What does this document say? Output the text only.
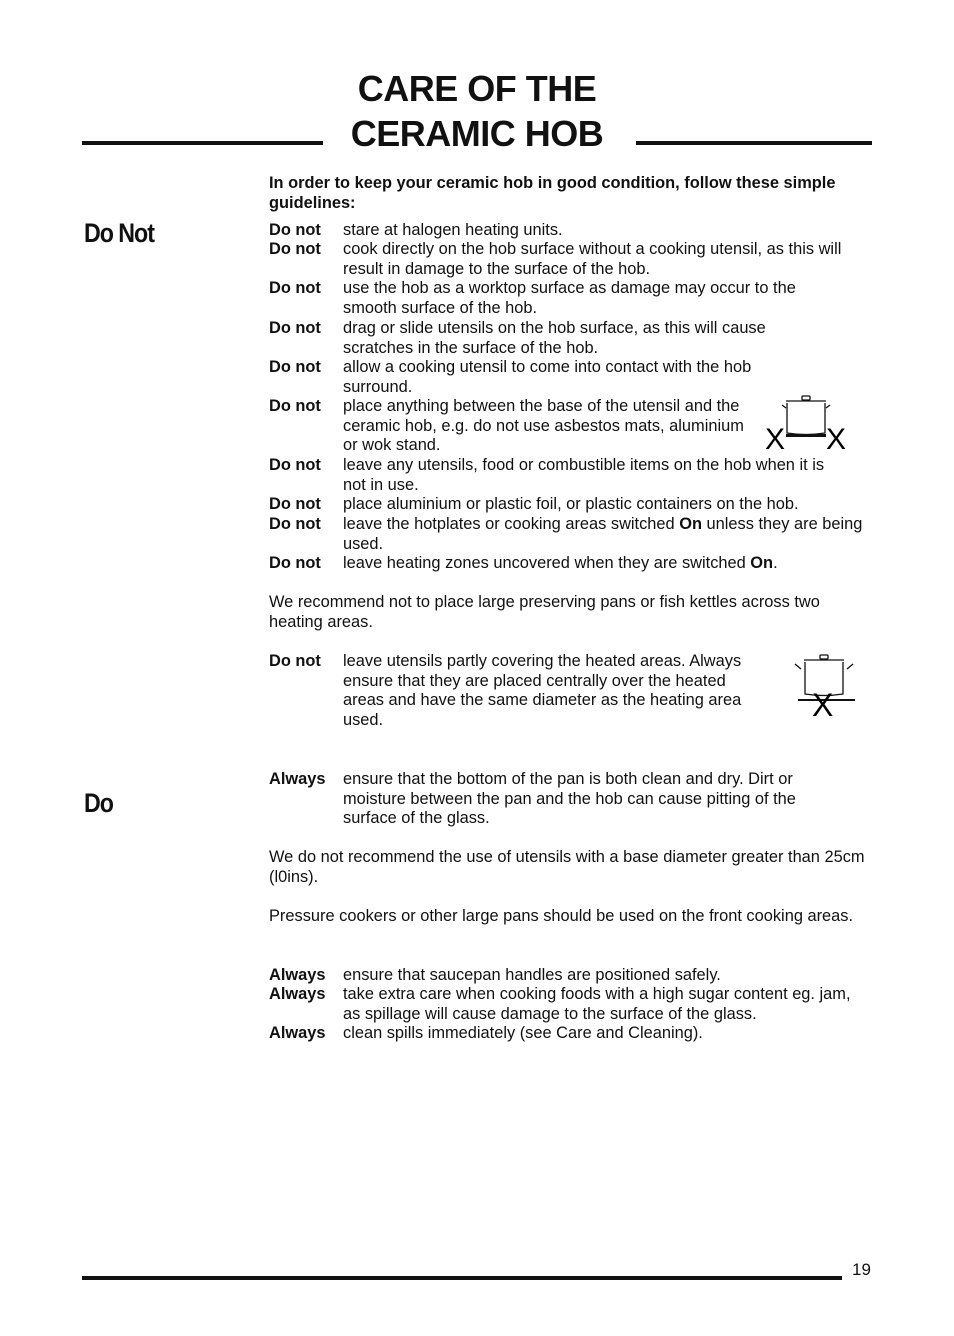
CARE OF THE
CERAMIC HOB
Do Not
Do
In order to keep your ceramic hob in good condition, follow these simple guidelines:
Do not stare at halogen heating units.
Do not cook directly on the hob surface without a cooking utensil, as this will result in damage to the surface of the hob.
Do not use the hob as a worktop surface as damage may occur to the smooth surface of the hob.
Do not drag or slide utensils on the hob surface, as this will cause scratches in the surface of the hob.
Do not allow a cooking utensil to come into contact with the hob surround.
Do not place anything between the base of the utensil and the ceramic hob, e.g. do not use asbestos mats, aluminium or wok stand.
Do not leave any utensils, food or combustible items on the hob when it is not in use.
Do not place aluminium or plastic foil, or plastic containers on the hob.
Do not leave the hotplates or cooking areas switched On unless they are being used.
Do not leave heating zones uncovered when they are switched On.
X X
We recommend not to place large preserving pans or fish kettles across two heating areas.
Do not leave utensils partly covering the heated areas. Always ensure that they are placed centrally over the heated areas and have the same diameter as the heating area used.	X
Always ensure that the bottom of the pan is both clean and dry. Dirt or moisture between the pan and the hob can cause pitting of the surface of the glass.
We do not recommend the use of utensils with a base diameter greater than 25cm (l0ins).
Pressure cookers or other large pans should be used on the front cooking areas.
Always ensure that saucepan handles are positioned safely.
Always take extra care when cooking foods with a high sugar content eg. jam, as spillage will cause damage to the surface of the glass.
Always clean spills immediately (see Care and Cleaning).
19
